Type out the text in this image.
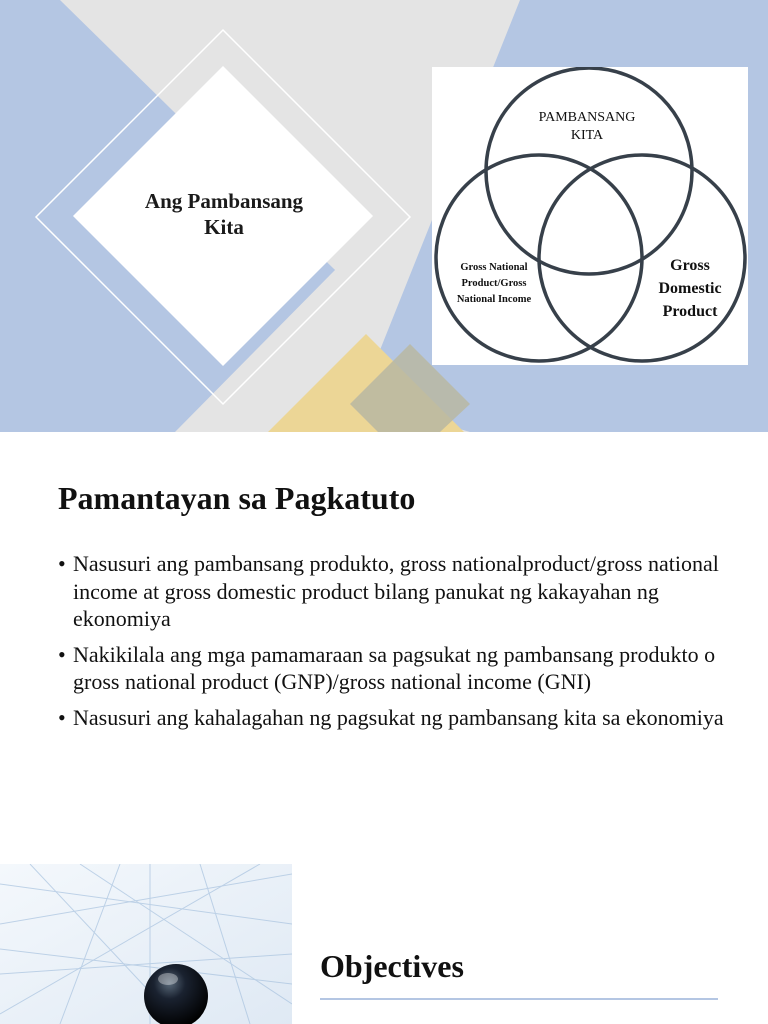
Ang Pambansang
Kita
PAMBANSANG
KITA
Gross National
Product/Gross
National Income
Gross
Domestic
Product
Pamantayan sa Pagkatuto
• Nasusuri ang pambansang produkto, gross nationalproduct/gross national income at gross domestic product bilang panukat ng kakayahan ng ekonomiya
• Nakikilala ang mga pamamaraan sa pagsukat ng pambansang produkto o gross national product (GNP)/gross national income (GNI)
• Nasusuri ang kahalagahan ng pagsukat ng pambansang kita sa ekonomiya
Objectives
